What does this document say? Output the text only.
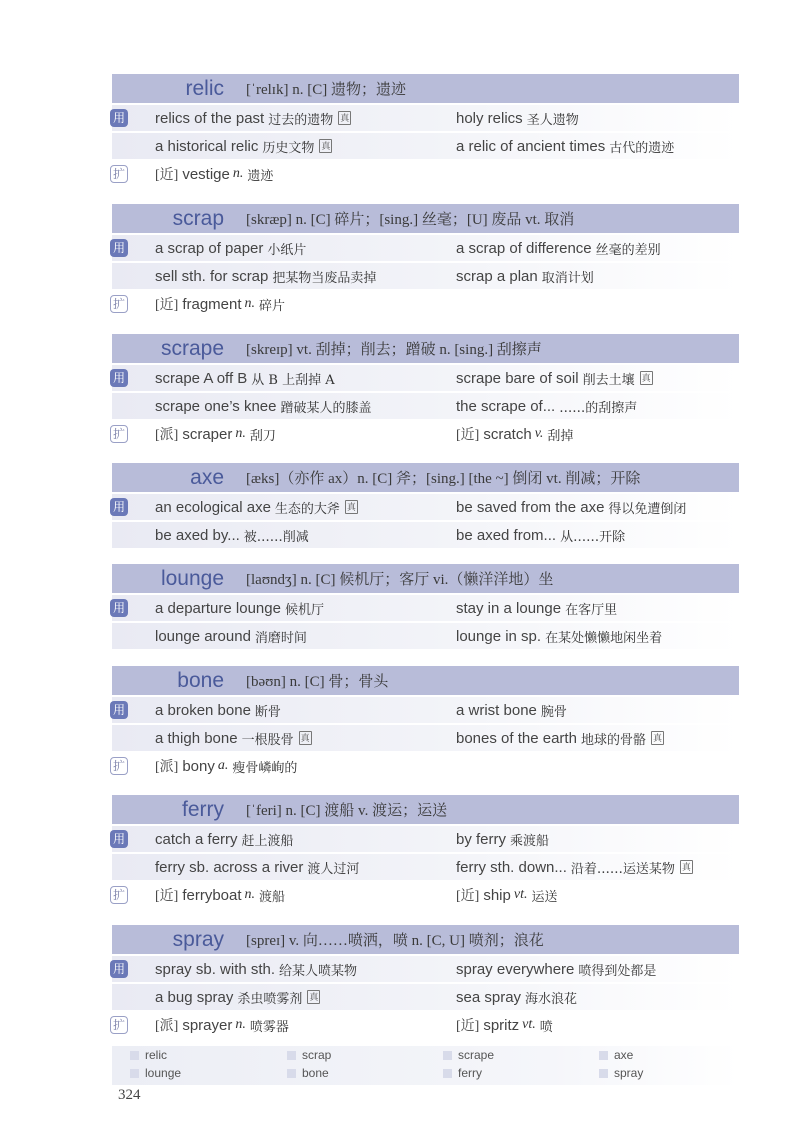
relic	[ˈrelɪk] n. [C] 遗物；遗迹
用 relics of the past 过去的遗物 真	holy relics 圣人遗物
a historical relic 历史文物 真	a relic of ancient times 古代的遗迹
扩 [近] vestige n. 遗迹
scrap	[skræp] n. [C] 碎片；[sing.] 丝毫；[U] 废品 vt. 取消
用 a scrap of paper 小纸片	a scrap of difference 丝毫的差别
sell sth. for scrap 把某物当废品卖掉	scrap a plan 取消计划
扩 [近] fragment n. 碎片
scrape	[skreɪp] vt. 刮掉；削去；蹭破 n. [sing.] 刮擦声
用 scrape A off B 从 B 上刮掉 A	scrape bare of soil 削去土壤 真
scrape one’s knee 蹭破某人的膝盖	the scrape of... ……的刮擦声
扩 [派] scraper n. 刮刀	[近] scratch v. 刮掉
axe	[æks]（亦作 ax）n. [C] 斧；[sing.] [the ~] 倒闭 vt. 削减；开除
用 an ecological axe 生态的大斧 真	be saved from the axe 得以免遭倒闭
be axed by... 被……削减	be axed from... 从……开除
lounge	[laʊndʒ] n. [C] 候机厅；客厅 vi.（懒洋洋地）坐
用 a departure lounge 候机厅	stay in a lounge 在客厅里
lounge around 消磨时间	lounge in sp. 在某处懒懒地闲坐着
bone	[bəʊn] n. [C] 骨；骨头
用 a broken bone 断骨	a wrist bone 腕骨
a thigh bone 一根股骨 真	bones of the earth 地球的骨骼 真
扩 [派] bony a. 瘦骨嶙峋的
ferry	[ˈferi] n. [C] 渡船 v. 渡运；运送
用 catch a ferry 赶上渡船	by ferry 乘渡船
ferry sb. across a river 渡人过河	ferry sth. down... 沿着……运送某物 真
扩 [近] ferryboat n. 渡船	[近] ship vt. 运送
spray	[spreɪ] v. 向……喷洒，喷 n. [C, U] 喷剂；浪花
用 spray sb. with sth. 给某人喷某物	spray everywhere 喷得到处都是
a bug spray 杀虫喷雾剂 真	sea spray 海水浪花
扩 [派] sprayer n. 喷雾器	[近] spritz vt. 喷
relic	scrap	scrape	axe
lounge	bone	ferry	spray
324
